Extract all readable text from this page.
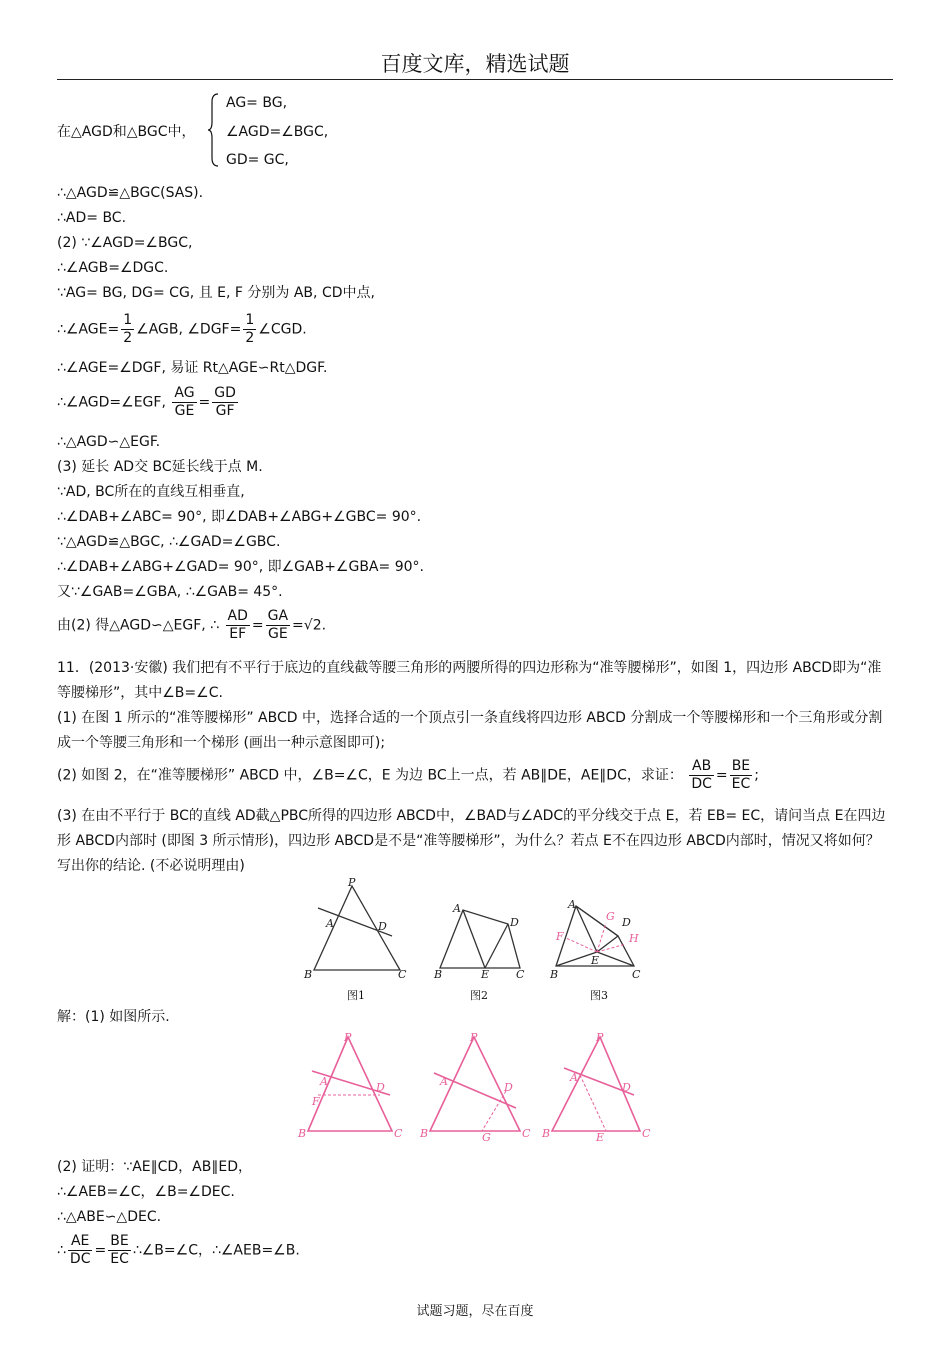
百度文库，精选试题
在△AGD和△BGC中，
AG= BG,
∠AGD=∠BGC,
GD= GC,
∴△AGD≌△BGC(SAS).
∴AD= BC.
(2) ∵∠AGD=∠BGC,
∴∠AGB=∠DGC.
∵AG= BG, DG= CG, 且 E, F 分别为 AB, CD中点,
∴∠AGE= $\frac{1}{2}$ ∠AGB, ∠DGF= $\frac{1}{2}$ ∠CGD.
∴∠AGE=∠DGF, 易证 Rt△AGE∽Rt△DGF.
∴∠AGD=∠EGF, $\frac{AG}{GE} = \frac{GD}{GF}$
∴△AGD∽△EGF.
(3) 延长 AD交 BC延长线于点 M.
∵AD, BC所在的直线互相垂直,
∴∠DAB+∠ABC= 90°, 即∠DAB+∠ABG+∠GBC= 90°.
∵△AGD≌△BGC, ∴∠GAD=∠GBC.
∴∠DAB+∠ABG+∠GAD= 90°, 即∠GAB+∠GBA= 90°.
又∵∠GAB=∠GBA, ∴∠GAB= 45°.
由(2) 得△AGD∽△EGF, ∴ $\frac{AD}{EF} = \frac{GA}{GE} =√2$.
11．(2013·安徽) 我们把有不平行于底边的直线截等腰三角形的两腰所得的四边形称为“准等腰梯形”，如图 1，四边形 ABCD即为“准等腰梯形”，其中∠B=∠C.
(1) 在图 1 所示的“准等腰梯形” ABCD 中，选择合适的一个顶点引一条直线将四边形 ABCD 分割成一个等腰梯形和一个三角形或分割成一个等腰三角形和一个梯形 (画出一种示意图即可);
(2) 如图 2，在“准等腰梯形” ABCD 中，∠B=∠C，E 为边 BC上一点，若 AB∥DE，AE∥DC，求证： $\frac{AB}{DC} = \frac{BE}{EC}$ ;
(3) 在由不平行于 BC的直线 AD截△PBC所得的四边形 ABCD中，∠BAD与∠ADC的平分线交于点 E，若 EB= EC，请问当点 E在四边形 ABCD内部时 (即图 3 所示情形)，四边形 ABCD是不是“准等腰梯形”，为什么？若点 E不在四边形 ABCD内部时，情况又将如何？写出你的结论. (不必说明理由)
P
A	D
B	C
A
D
B	E C
A
D
B	C
E
G
F	H
图1	图2	图3
解：(1) 如图所示.
P
A	D
F
B	C
P
A	D
B	G	C
P
A
D
B	E	C
(2) 证明：∵AE∥CD，AB∥ED，
∴∠AEB=∠C，∠B=∠DEC.
∴△ABE∽△DEC.
∴ $\frac{AE}{DC} = \frac{BE}{EC}$ ∴∠B=∠C，∴∠AEB=∠B.
试题习题，尽在百度
